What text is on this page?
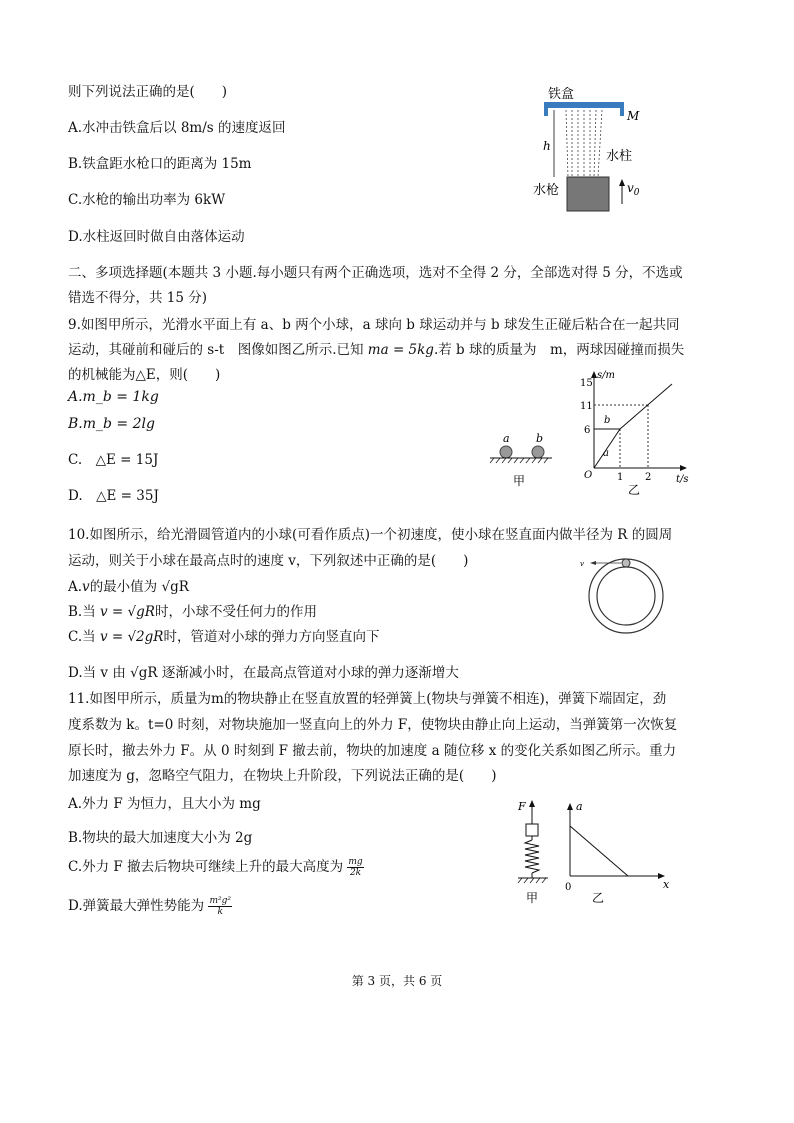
则下列说法正确的是(　　)
A.水冲击铁盒后以 8m/s 的速度返回
B.铁盒距水枪口的距离为 15m
C.水枪的输出功率为 6kW
D.水柱返回时做自由落体运动
铁盒
M
h
水柱
水枪	$v_0$
二、多项选择题(本题共 3 小题.每小题只有两个正确选项，选对不全得 2 分，全部选对得 5 分，不选或
错选不得分，共 15 分)
9.如图甲所示，光滑水平面上有 a、b 两个小球，a 球向 b 球运动并与 b 球发生正碰后粘合在一起共同
运动，其碰前和碰后的 s-t　图像如图乙所示.已知 ma = 5kg.若 b 球的质量为　m，两球因碰撞而损失
的机械能为△E，则(　　)
A.m_b = 1kg
B.m_b = 2lg
C.　△E = 15J
D.　△E = 35J
a b
甲
s/m
t/s
15
11
6
O 1 2
a
b
乙
10.如图所示，给光滑圆管道内的小球(可看作质点)一个初速度，使小球在竖直面内做半径为 R 的圆周
运动，则关于小球在最高点时的速度 v，下列叙述中正确的是(　　)
A.v的最小值为 √gR
B.当 v = √gR时，小球不受任何力的作用
C.当 v = √2gR时，管道对小球的弹力方向竖直向下
D.当 v 由 √gR 逐渐减小时，在最高点管道对小球的弹力逐渐增大
v
11.如图甲所示，质量为m的物块静止在竖直放置的轻弹簧上(物块与弹簧不相连)，弹簧下端固定，劲
度系数为 k。t=0 时刻，对物块施加一竖直向上的外力 F，使物块由静止向上运动，当弹簧第一次恢复
原长时，撤去外力 F。从 0 时刻到 F 撤去前，物块的加速度 a 随位移 x 的变化关系如图乙所示。重力
加速度为 g，忽略空气阻力，在物块上升阶段，下列说法正确的是(　　)
A.外力 F 为恒力，且大小为 mg
B.物块的最大加速度大小为 2g
C.外力 F 撤去后物块可继续上升的最大高度为 $\frac{mg}{2k}$
D.弹簧最大弹性势能为 $\frac{\text{m²g²}}{k}$
F
甲
a
x
0
乙
第 3 页，共 6 页
